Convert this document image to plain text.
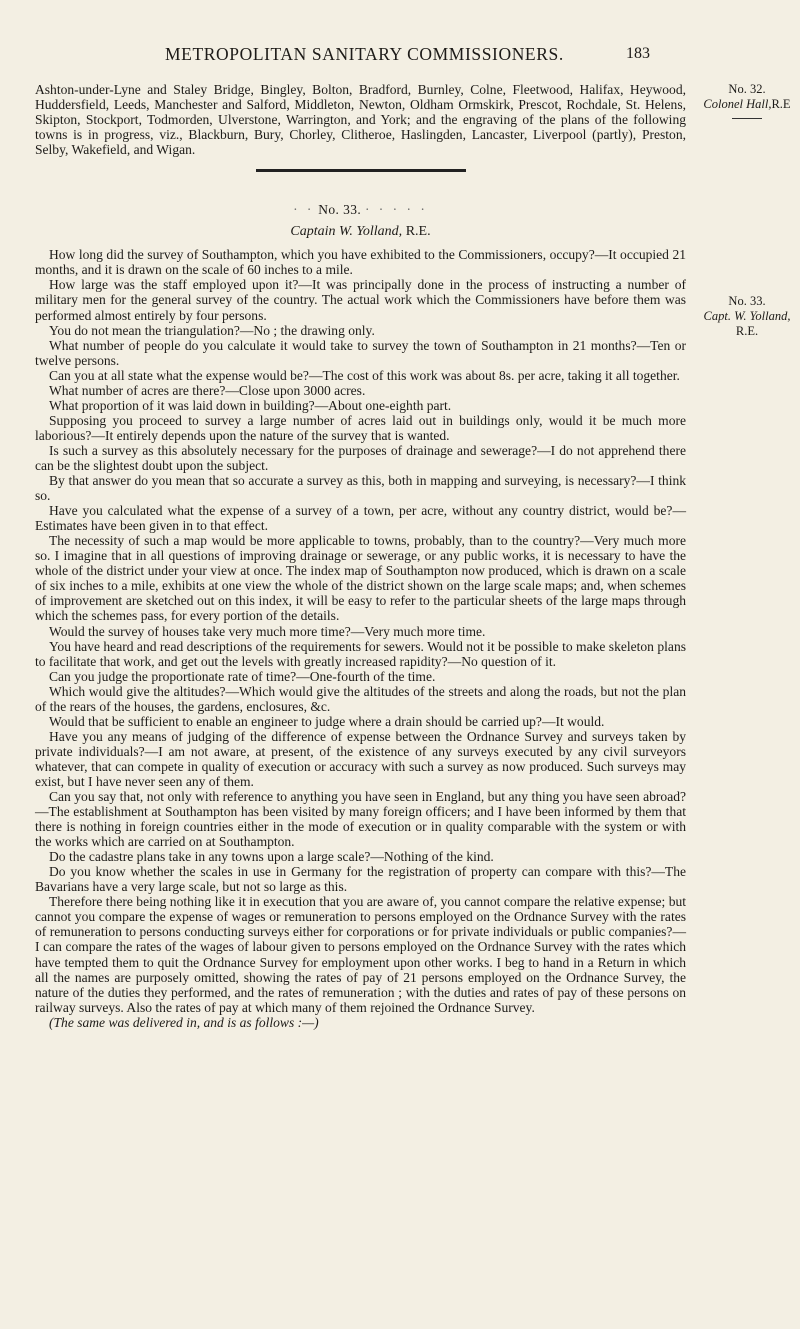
METROPOLITAN SANITARY COMMISSIONERS.	183
No. 32.
Colonel Hall,R.E
No. 33.
Capt. W. Yolland,
R.E.

Ashton-under-Lyne and Staley Bridge, Bingley, Bolton, Bradford, Burnley, Colne, Fleetwood, Halifax, Heywood, Huddersfield, Leeds, Manchester and Salford, Middleton, Newton, Oldham Ormskirk, Prescot, Rochdale, St. Helens, Skipton, Stockport, Todmorden, Ulverstone, Warrington, and York; and the engraving of the plans of the following towns is in progress, viz., Blackburn, Bury, Chorley, Clitheroe, Haslingden, Lancaster, Liverpool (partly), Preston, Selby, Wakefield, and Wigan.

· · No. 33. · · · · ·
Captain W. Yolland, R.E.

How long did the survey of Southampton, which you have exhibited to the Commissioners, occupy?—It occupied 21 months, and it is drawn on the scale of 60 inches to a mile.

How large was the staff employed upon it?—It was principally done in the process of instructing a number of military men for the general survey of the country. The actual work which the Commissioners have before them was performed almost entirely by four persons.

You do not mean the triangulation?—No ; the drawing only.

What number of people do you calculate it would take to survey the town of Southampton in 21 months?—Ten or twelve persons.

Can you at all state what the expense would be?—The cost of this work was about 8s. per acre, taking it all together.

What number of acres are there?—Close upon 3000 acres.

What proportion of it was laid down in building?—About one-eighth part.

Supposing you proceed to survey a large number of acres laid out in buildings only, would it be much more laborious?—It entirely depends upon the nature of the survey that is wanted.

Is such a survey as this absolutely necessary for the purposes of drainage and sewerage?—I do not apprehend there can be the slightest doubt upon the subject.

By that answer do you mean that so accurate a survey as this, both in mapping and surveying, is necessary?—I think so.

Have you calculated what the expense of a survey of a town, per acre, without any country district, would be?—Estimates have been given in to that effect.

The necessity of such a map would be more applicable to towns, probably, than to the country?—Very much more so. I imagine that in all questions of improving drainage or sewerage, or any public works, it is necessary to have the whole of the district under your view at once. The index map of Southampton now produced, which is drawn on a scale of six inches to a mile, exhibits at one view the whole of the district shown on the large scale maps; and, when schemes of improvement are sketched out on this index, it will be easy to refer to the particular sheets of the large maps through which the schemes pass, for every portion of the details.

Would the survey of houses take very much more time?—Very much more time.

You have heard and read descriptions of the requirements for sewers. Would not it be possible to make skeleton plans to facilitate that work, and get out the levels with greatly increased rapidity?—No question of it.

Can you judge the proportionate rate of time?—One-fourth of the time.

Which would give the altitudes?—Which would give the altitudes of the streets and along the roads, but not the plan of the rears of the houses, the gardens, enclosures, &c.

Would that be sufficient to enable an engineer to judge where a drain should be carried up?—It would.

Have you any means of judging of the difference of expense between the Ordnance Survey and surveys taken by private individuals?—I am not aware, at present, of the existence of any surveys executed by any civil surveyors whatever, that can compete in quality of execution or accuracy with such a survey as now produced. Such surveys may exist, but I have never seen any of them.

Can you say that, not only with reference to anything you have seen in England, but any thing you have seen abroad?—The establishment at Southampton has been visited by many foreign officers; and I have been informed by them that there is nothing in foreign countries either in the mode of execution or in quality comparable with the system or with the works which are carried on at Southampton.

Do the cadastre plans take in any towns upon a large scale?—Nothing of the kind.

Do you know whether the scales in use in Germany for the registration of property can compare with this?—The Bavarians have a very large scale, but not so large as this.

Therefore there being nothing like it in execution that you are aware of, you cannot compare the relative expense; but cannot you compare the expense of wages or remuneration to persons employed on the Ordnance Survey with the rates of remuneration to persons conducting surveys either for corporations or for private individuals or public companies?—I can compare the rates of the wages of labour given to persons employed on the Ordnance Survey with the rates which have tempted them to quit the Ordnance Survey for employment upon other works. I beg to hand in a Return in which all the names are purposely omitted, showing the rates of pay of 21 persons employed on the Ordnance Survey, the nature of the duties they performed, and the rates of remuneration ; with the duties and rates of pay of these persons on railway surveys. Also the rates of pay at which many of them rejoined the Ordnance Survey.

(The same was delivered in, and is as follows :—)
